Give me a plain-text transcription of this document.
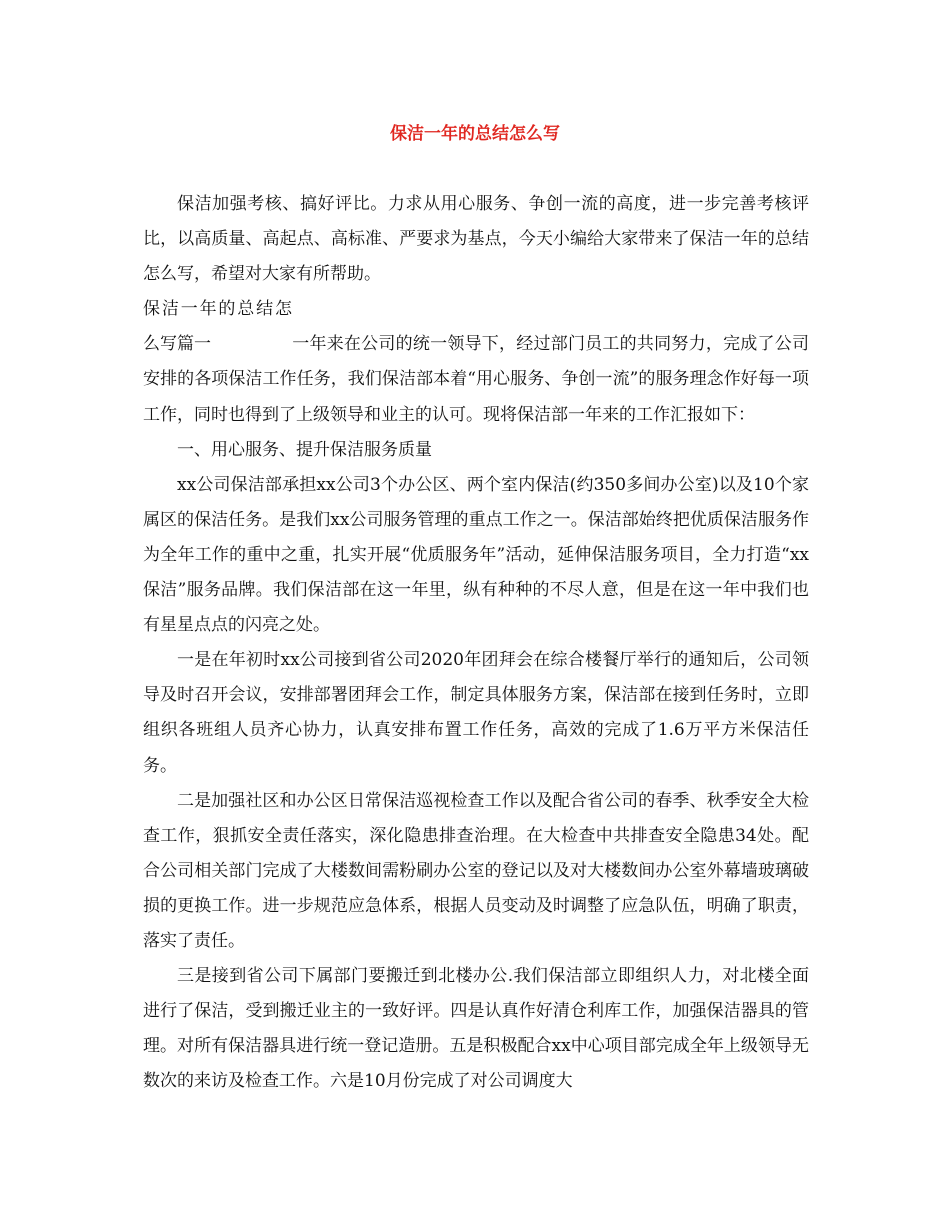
保洁一年的总结怎么写

保洁加强考核、搞好评比。力求从用心服务、争创一流的高度，进一步完善考核评比，以高质量、高起点、高标准、严要求为基点，今天小编给大家带来了保洁一年的总结怎么写，希望对大家有所帮助。

保洁一年的总结怎么写篇一	一年来在公司的统一领导下，经过部门员工的共同努力，完成了公司安排的各项保洁工作任务，我们保洁部本着“用心服务、争创一流”的服务理念作好每一项工作，同时也得到了上级领导和业主的认可。现将保洁部一年来的工作汇报如下：

一、用心服务、提升保洁服务质量

xx公司保洁部承担xx公司3个办公区、两个室内保洁(约350多间办公室)以及10个家属区的保洁任务。是我们xx公司服务管理的重点工作之一。保洁部始终把优质保洁服务作为全年工作的重中之重，扎实开展“优质服务年”活动，延伸保洁服务项目，全力打造“xx保洁”服务品牌。我们保洁部在这一年里，纵有种种的不尽人意，但是在这一年中我们也有星星点点的闪亮之处。

一是在年初时xx公司接到省公司2020年团拜会在综合楼餐厅举行的通知后，公司领导及时召开会议，安排部署团拜会工作，制定具体服务方案，保洁部在接到任务时，立即组织各班组人员齐心协力，认真安排布置工作任务，高效的完成了1.6万平方米保洁任务。

二是加强社区和办公区日常保洁巡视检查工作以及配合省公司的春季、秋季安全大检查工作，狠抓安全责任落实，深化隐患排查治理。在大检查中共排查安全隐患34处。配合公司相关部门完成了大楼数间需粉刷办公室的登记以及对大楼数间办公室外幕墙玻璃破损的更换工作。进一步规范应急体系，根据人员变动及时调整了应急队伍，明确了职责，落实了责任。

三是接到省公司下属部门要搬迁到北楼办公.我们保洁部立即组织人力，对北楼全面进行了保洁，受到搬迁业主的一致好评。四是认真作好清仓利库工作，加强保洁器具的管理。对所有保洁器具进行统一登记造册。五是积极配合xx中心项目部完成全年上级领导无数次的来访及检查工作。六是10月份完成了对公司调度大
